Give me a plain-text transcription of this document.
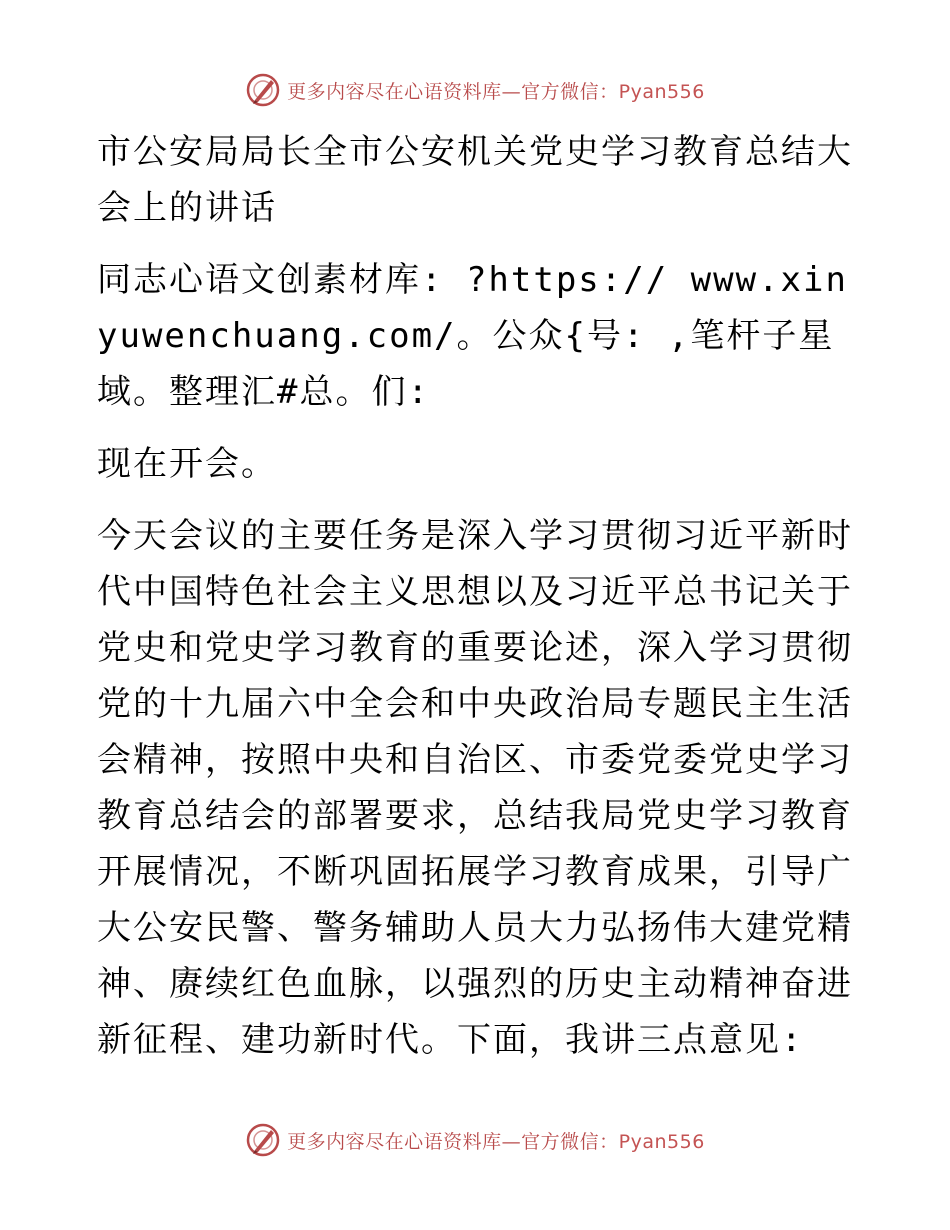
更多内容尽在心语资料库—官方微信：Pyan556

市公安局局长全市公安机关党史学习教育总结大会上的讲话

同志心语文创素材库: ?https:// www.xinyuwenchuang.com/。公众{号: ,笔杆子星域。整理汇#总。们:

现在开会。

今天会议的主要任务是深入学习贯彻习近平新时代中国特色社会主义思想以及习近平总书记关于党史和党史学习教育的重要论述，深入学习贯彻党的十九届六中全会和中央政治局专题民主生活会精神，按照中央和自治区、市委党委党史学习教育总结会的部署要求，总结我局党史学习教育开展情况，不断巩固拓展学习教育成果，引导广大公安民警、警务辅助人员大力弘扬伟大建党精神、赓续红色血脉，以强烈的历史主动精神奋进新征程、建功新时代。下面，我讲三点意见:

更多内容尽在心语资料库—官方微信：Pyan556
